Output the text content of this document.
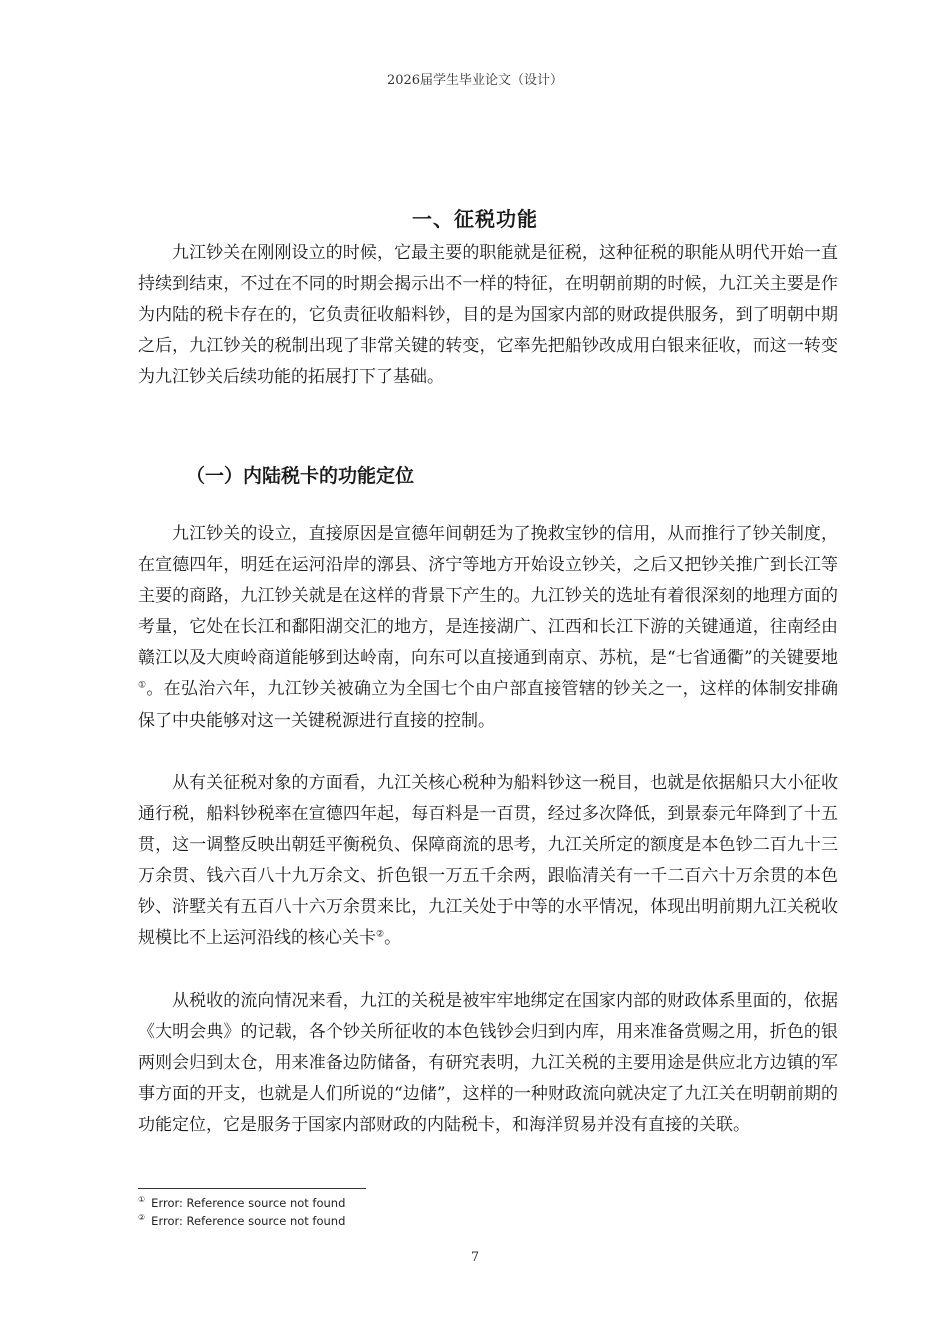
2026届学生毕业论文（设计）
一、征税功能

九江钞关在刚刚设立的时候，它最主要的职能就是征税，这种征税的职能从明代开始一直持续到结束，不过在不同的时期会揭示出不一样的特征，在明朝前期的时候，九江关主要是作为内陆的税卡存在的，它负责征收船料钞，目的是为国家内部的财政提供服务，到了明朝中期之后，九江钞关的税制出现了非常关键的转变，它率先把船钞改成用白银来征收，而这一转变为九江钞关后续功能的拓展打下了基础。

（一）内陆税卡的功能定位

九江钞关的设立，直接原因是宣德年间朝廷为了挽救宝钞的信用，从而推行了钞关制度，在宣德四年，明廷在运河沿岸的漷县、济宁等地方开始设立钞关，之后又把钞关推广到长江等主要的商路，九江钞关就是在这样的背景下产生的。九江钞关的选址有着很深刻的地理方面的考量，它处在长江和鄱阳湖交汇的地方，是连接湖广、江西和长江下游的关键通道，往南经由赣江以及大庾岭商道能够到达岭南，向东可以直接通到南京、苏杭，是“七省通衢”的关键要地①。在弘治六年，九江钞关被确立为全国七个由户部直接管辖的钞关之一，这样的体制安排确保了中央能够对这一关键税源进行直接的控制。

从有关征税对象的方面看，九江关核心税种为船料钞这一税目，也就是依据船只大小征收通行税，船料钞税率在宣德四年起，每百料是一百贯，经过多次降低，到景泰元年降到了十五贯，这一调整反映出朝廷平衡税负、保障商流的思考，九江关所定的额度是本色钞二百九十三万余贯、钱六百八十九万余文、折色银一万五千余两，跟临清关有一千二百六十万余贯的本色钞、浒墅关有五百八十六万余贯来比，九江关处于中等的水平情况，体现出明前期九江关税收规模比不上运河沿线的核心关卡②。

从税收的流向情况来看，九江的关税是被牢牢地绑定在国家内部的财政体系里面的，依据《大明会典》的记载，各个钞关所征收的本色钱钞会归到内库，用来准备赏赐之用，折色的银两则会归到太仓，用来准备边防储备，有研究表明，九江关税的主要用途是供应北方边镇的军事方面的开支，也就是人们所说的“边储”，这样的一种财政流向就决定了九江关在明朝前期的功能定位，它是服务于国家内部财政的内陆税卡，和海洋贸易并没有直接的关联。

① Error: Reference source not found
② Error: Reference source not found
7
